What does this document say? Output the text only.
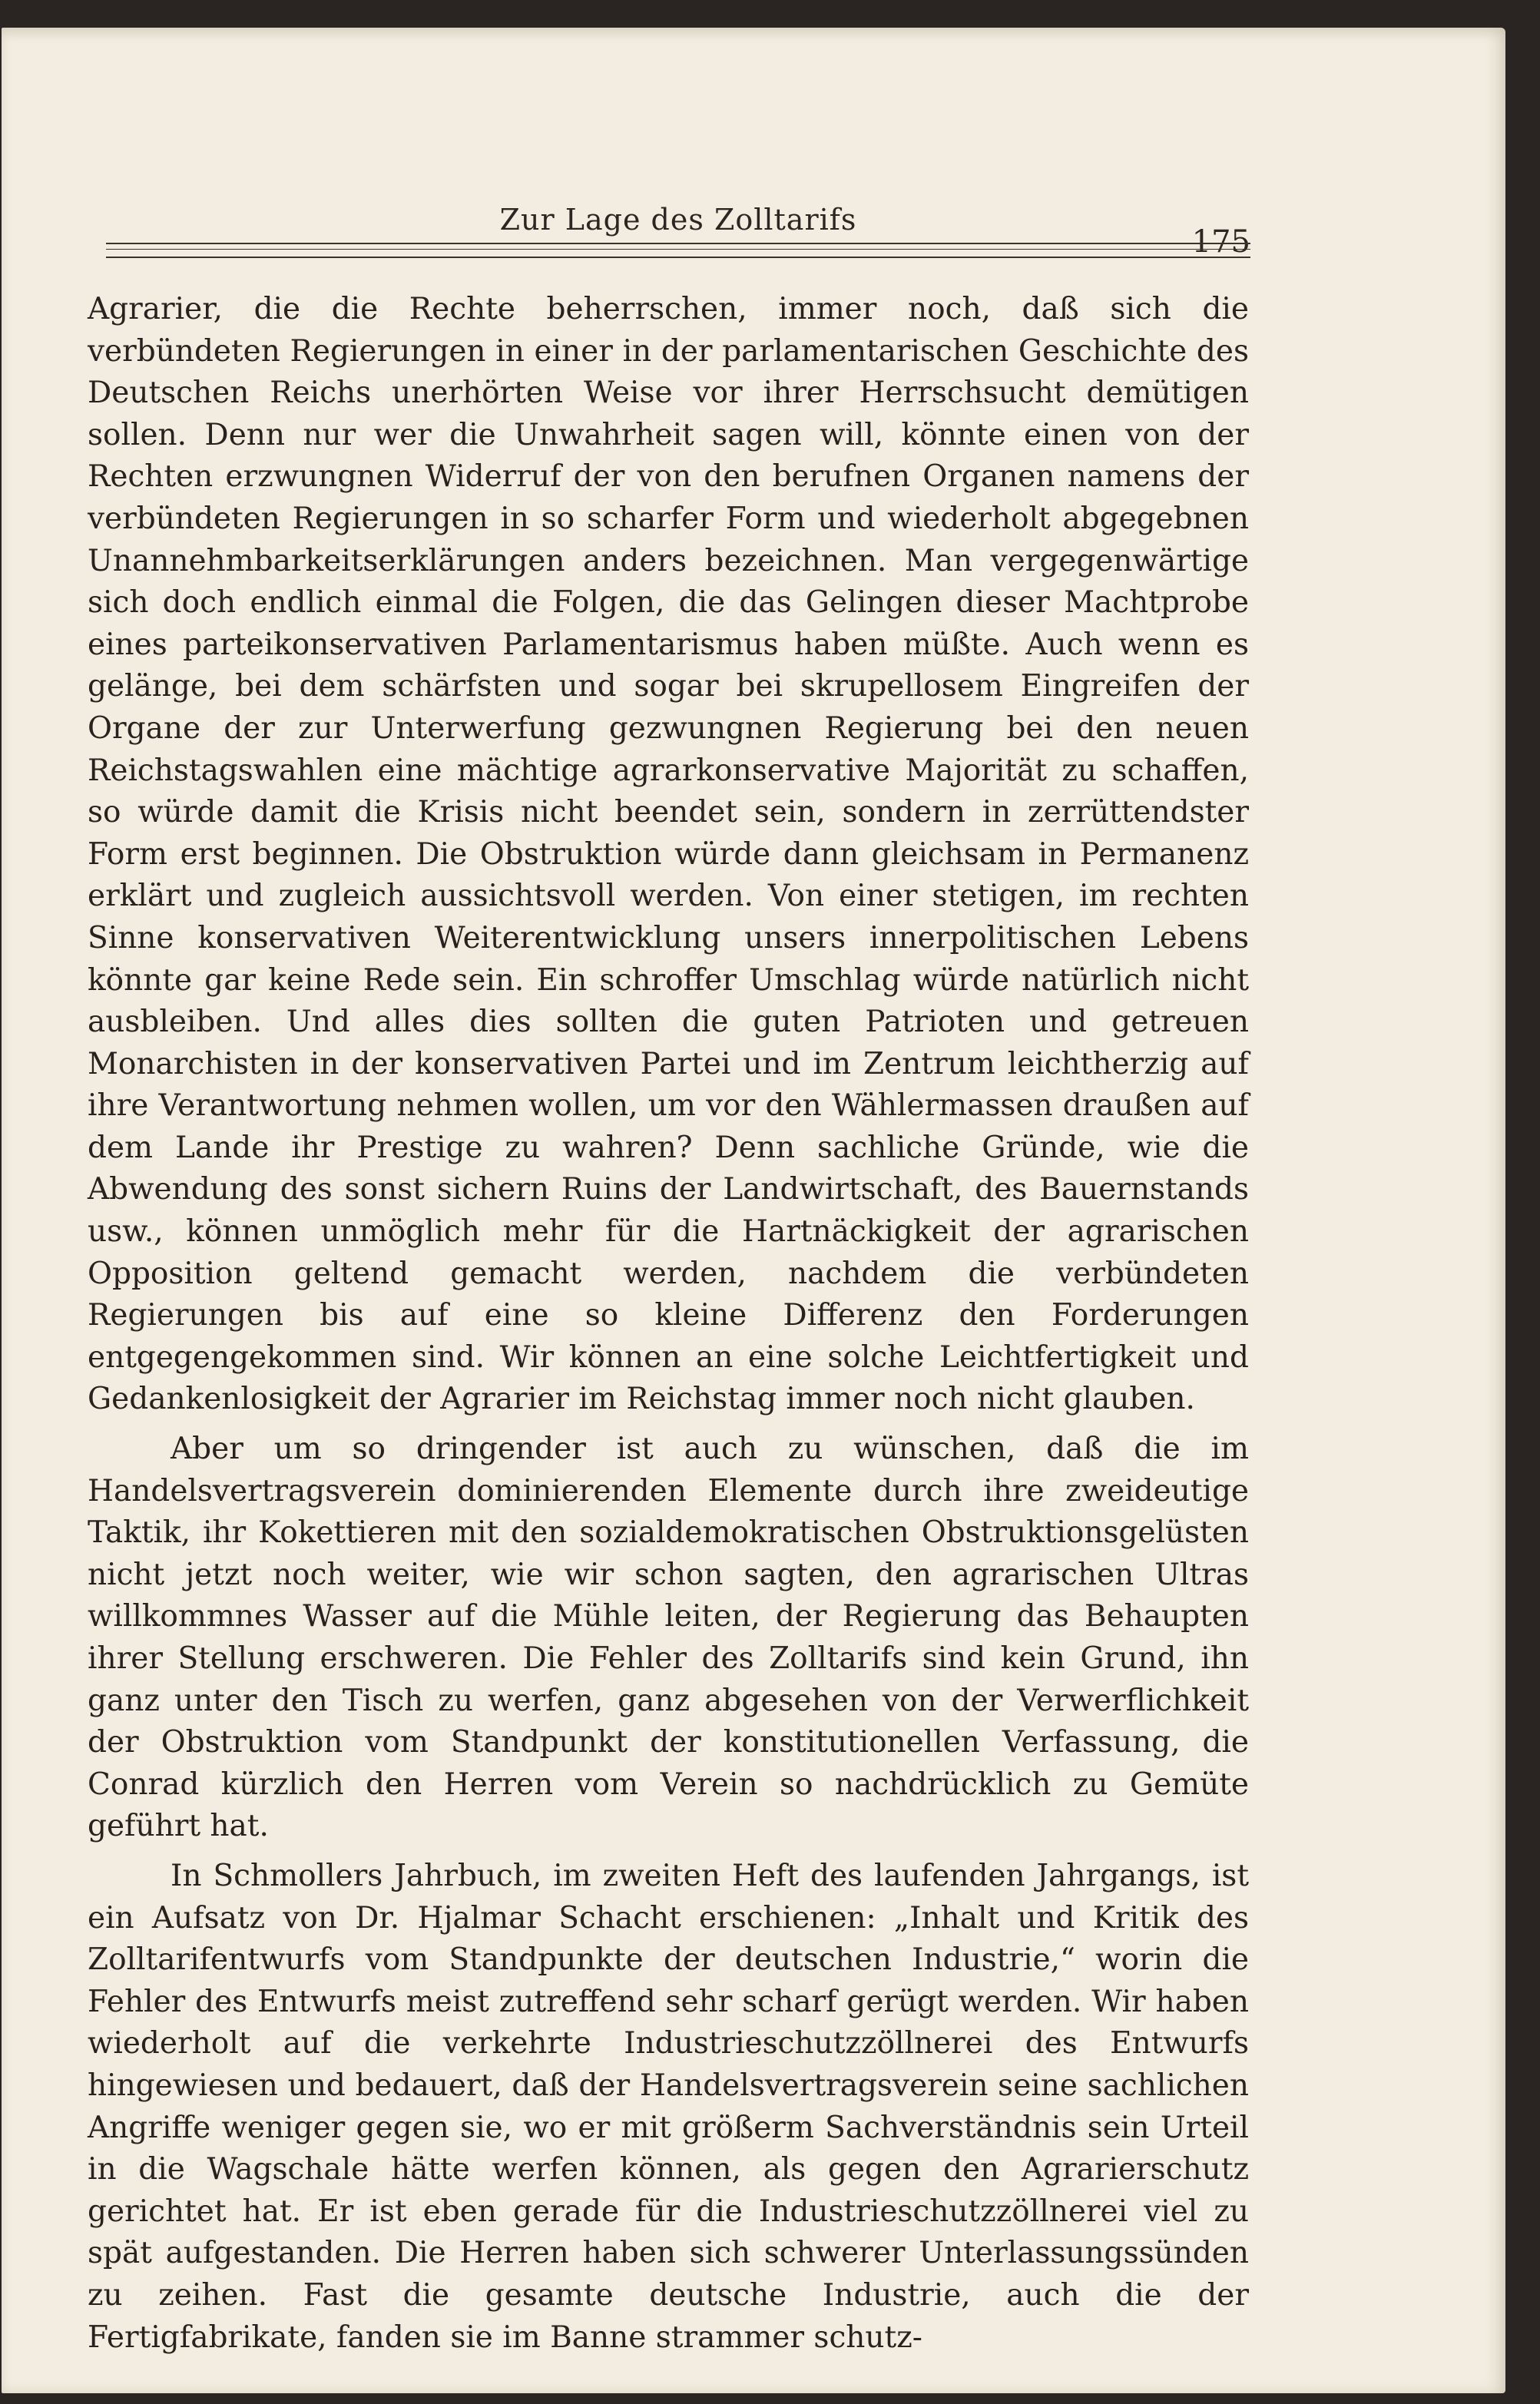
Zur Lage des Zolltarifs
175

Agrarier, die die Rechte beherrschen, immer noch, daß sich die verbündeten Regierungen in einer in der parlamentarischen Geschichte des Deutschen Reichs unerhörten Weise vor ihrer Herrschsucht demütigen sollen. Denn nur wer die Unwahrheit sagen will, könnte einen von der Rechten erzwungnen Widerruf der von den berufnen Organen namens der verbündeten Regierungen in so scharfer Form und wiederholt abgegebnen Unannehmbarkeitserklärungen anders bezeichnen. Man vergegenwärtige sich doch endlich einmal die Folgen, die das Gelingen dieser Machtprobe eines parteikonservativen Parlamentarismus haben müßte. Auch wenn es gelänge, bei dem schärfsten und sogar bei skrupellosem Eingreifen der Organe der zur Unterwerfung gezwungnen Regierung bei den neuen Reichstagswahlen eine mächtige agrarkonservative Majorität zu schaffen, so würde damit die Krisis nicht beendet sein, sondern in zerrüttendster Form erst beginnen. Die Obstruktion würde dann gleichsam in Permanenz erklärt und zugleich aussichtsvoll werden. Von einer stetigen, im rechten Sinne konservativen Weiterentwicklung unsers innerpolitischen Lebens könnte gar keine Rede sein. Ein schroffer Umschlag würde natürlich nicht ausbleiben. Und alles dies sollten die guten Patrioten und getreuen Monarchisten in der konservativen Partei und im Zentrum leichtherzig auf ihre Verantwortung nehmen wollen, um vor den Wählermassen draußen auf dem Lande ihr Prestige zu wahren? Denn sachliche Gründe, wie die Abwendung des sonst sichern Ruins der Landwirtschaft, des Bauernstands usw., können unmöglich mehr für die Hartnäckigkeit der agrarischen Opposition geltend gemacht werden, nachdem die verbündeten Regierungen bis auf eine so kleine Differenz den Forderungen entgegengekommen sind. Wir können an eine solche Leichtfertigkeit und Gedankenlosigkeit der Agrarier im Reichstag immer noch nicht glauben.

Aber um so dringender ist auch zu wünschen, daß die im Handelsvertragsverein dominierenden Elemente durch ihre zweideutige Taktik, ihr Kokettieren mit den sozialdemokratischen Obstruktionsgelüsten nicht jetzt noch weiter, wie wir schon sagten, den agrarischen Ultras willkommnes Wasser auf die Mühle leiten, der Regierung das Behaupten ihrer Stellung erschweren. Die Fehler des Zolltarifs sind kein Grund, ihn ganz unter den Tisch zu werfen, ganz abgesehen von der Verwerflichkeit der Obstruktion vom Standpunkt der konstitutionellen Verfassung, die Conrad kürzlich den Herren vom Verein so nachdrücklich zu Gemüte geführt hat.

In Schmollers Jahrbuch, im zweiten Heft des laufenden Jahrgangs, ist ein Aufsatz von Dr. Hjalmar Schacht erschienen: „Inhalt und Kritik des Zolltarifentwurfs vom Standpunkte der deutschen Industrie,“ worin die Fehler des Entwurfs meist zutreffend sehr scharf gerügt werden. Wir haben wiederholt auf die verkehrte Industrieschutzzöllnerei des Entwurfs hingewiesen und bedauert, daß der Handelsvertragsverein seine sachlichen Angriffe weniger gegen sie, wo er mit größerm Sachverständnis sein Urteil in die Wagschale hätte werfen können, als gegen den Agrarierschutz gerichtet hat. Er ist eben gerade für die Industrieschutzzöllnerei viel zu spät aufgestanden. Die Herren haben sich schwerer Unterlassungssünden zu zeihen. Fast die gesamte deutsche Industrie, auch die der Fertigfabrikate, fanden sie im Banne strammer schutz-
